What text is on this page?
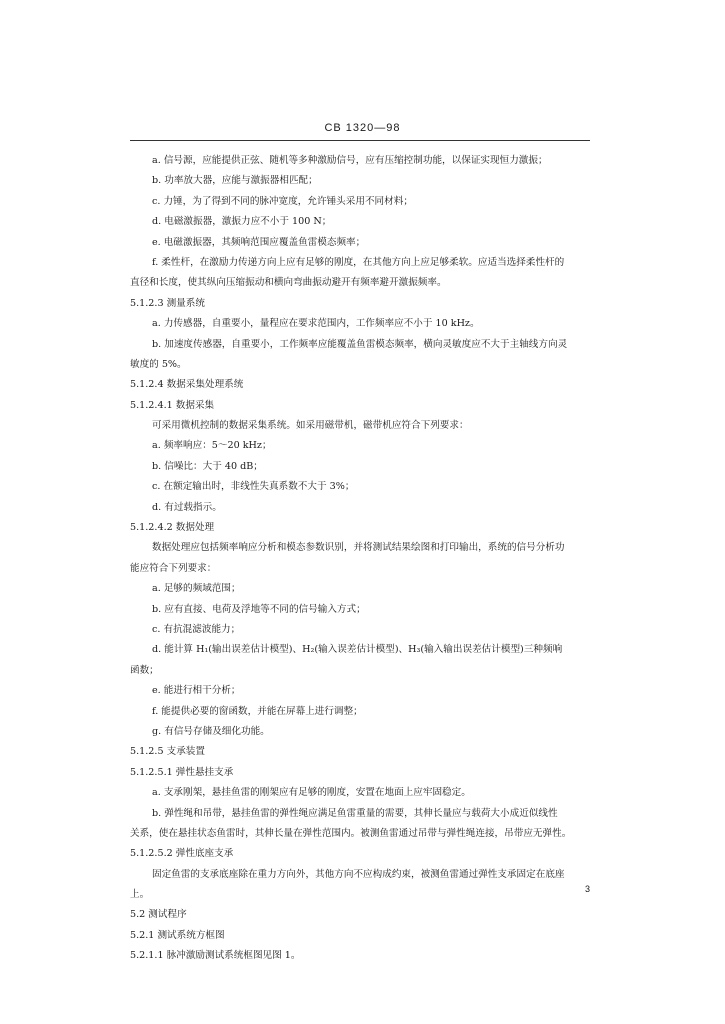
CB 1320—98
a. 信号源，应能提供正弦、随机等多种激励信号，应有压缩控制功能，以保证实现恒力激振；
b. 功率放大器，应能与激振器相匹配；
c. 力锤，为了得到不同的脉冲宽度，允许锤头采用不同材料；
d. 电磁激振器，激振力应不小于 100 N；
e. 电磁激振器，其频响范围应覆盖鱼雷模态频率；
f. 柔性杆，在激励力传递方向上应有足够的刚度，在其他方向上应足够柔软。应适当选择柔性杆的
直径和长度，使其纵向压缩振动和横向弯曲振动避开有频率避开激振频率。
5.1.2.3 测量系统
a. 力传感器，自重要小，量程应在要求范围内，工作频率应不小于 10 kHz。
b. 加速度传感器，自重要小，工作频率应能覆盖鱼雷模态频率，横向灵敏度应不大于主轴线方向灵
敏度的 5%。
5.1.2.4 数据采集处理系统
5.1.2.4.1 数据采集
可采用微机控制的数据采集系统。如采用磁带机，磁带机应符合下列要求：
a. 频率响应：5～20 kHz；
b. 信噪比：大于 40 dB；
c. 在额定输出时，非线性失真系数不大于 3%；
d. 有过载指示。
5.1.2.4.2 数据处理
数据处理应包括频率响应分析和模态参数识别，并将测试结果绘图和打印输出，系统的信号分析功
能应符合下列要求：
a. 足够的频域范围；
b. 应有直接、电荷及浮地等不同的信号输入方式；
c. 有抗混滤波能力；
d. 能计算 H₁(输出误差估计模型)、H₂(输入误差估计模型)、H₃(输入输出误差估计模型)三种频响
函数；
e. 能进行相干分析；
f. 能提供必要的窗函数，并能在屏幕上进行调整；
g. 有信号存储及细化功能。
5.1.2.5 支承装置
5.1.2.5.1 弹性悬挂支承
a. 支承刚架，悬挂鱼雷的刚架应有足够的刚度，安置在地面上应牢固稳定。
b. 弹性绳和吊带，悬挂鱼雷的弹性绳应满足鱼雷重量的需要，其伸长量应与载荷大小成近似线性
关系，使在悬挂状态鱼雷时，其伸长量在弹性范围内。被测鱼雷通过吊带与弹性绳连接，吊带应无弹性。
5.1.2.5.2 弹性底座支承
固定鱼雷的支承底座除在重力方向外，其他方向不应构成约束，被测鱼雷通过弹性支承固定在底座
上。
5.2 测试程序
5.2.1 测试系统方框图
5.2.1.1 脉冲激励测试系统框图见图 1。
3
